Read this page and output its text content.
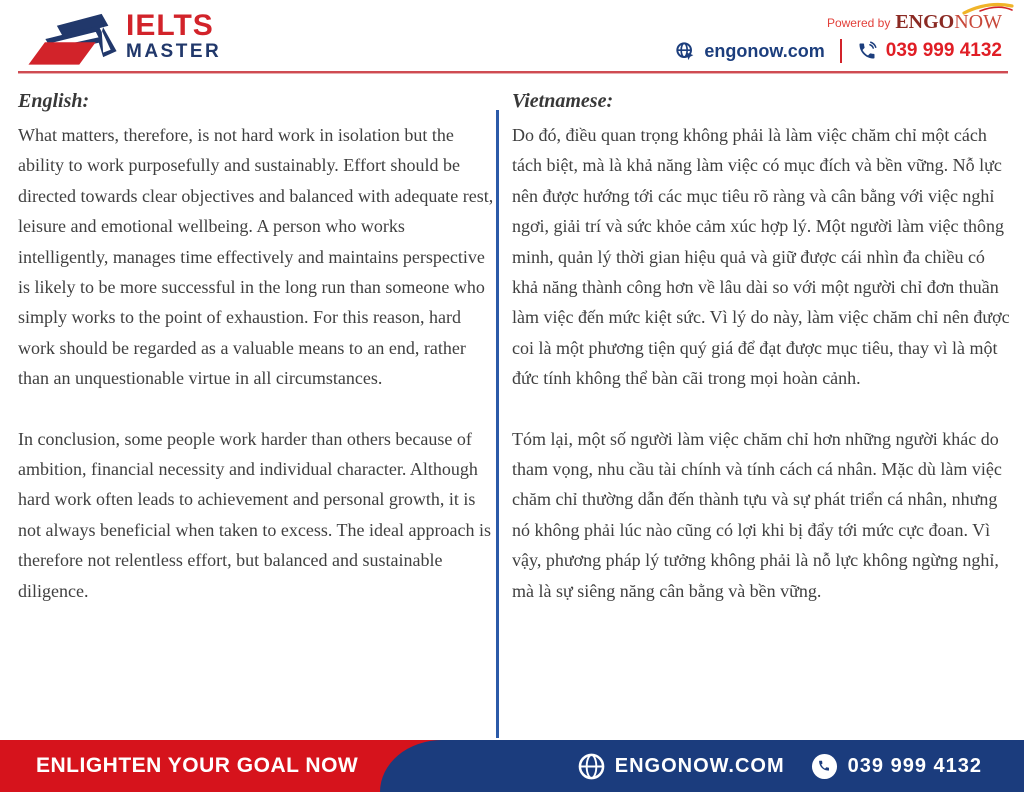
IELTS
MASTER
Powered by ENGONOW
engonow.com	039 999 4132
English:

What matters, therefore, is not hard work in isolation but the ability to work purposefully and sustainably. Effort should be directed towards clear objectives and balanced with adequate rest, leisure and emotional wellbeing. A person who works intelligently, manages time effectively and maintains perspective is likely to be more successful in the long run than someone who simply works to the point of exhaustion. For this reason, hard work should be regarded as a valuable means to an end, rather than an unquestionable virtue in all circumstances.

In conclusion, some people work harder than others because of ambition, financial necessity and individual character. Although hard work often leads to achievement and personal growth, it is not always beneficial when taken to excess. The ideal approach is therefore not relentless effort, but balanced and sustainable diligence.

Vietnamese:

Do đó, điều quan trọng không phải là làm việc chăm chỉ một cách tách biệt, mà là khả năng làm việc có mục đích và bền vững. Nỗ lực nên được hướng tới các mục tiêu rõ ràng và cân bằng với việc nghỉ ngơi, giải trí và sức khỏe cảm xúc hợp lý. Một người làm việc thông minh, quản lý thời gian hiệu quả và giữ được cái nhìn đa chiều có khả năng thành công hơn về lâu dài so với một người chỉ đơn thuần làm việc đến mức kiệt sức. Vì lý do này, làm việc chăm chỉ nên được coi là một phương tiện quý giá để đạt được mục tiêu, thay vì là một đức tính không thể bàn cãi trong mọi hoàn cảnh.

Tóm lại, một số người làm việc chăm chỉ hơn những người khác do tham vọng, nhu cầu tài chính và tính cách cá nhân. Mặc dù làm việc chăm chỉ thường dẫn đến thành tựu và sự phát triển cá nhân, nhưng nó không phải lúc nào cũng có lợi khi bị đẩy tới mức cực đoan. Vì vậy, phương pháp lý tưởng không phải là nỗ lực không ngừng nghỉ, mà là sự siêng năng cân bằng và bền vững.

ENLIGHTEN YOUR GOAL NOW	ENGONOW.COM	039 999 4132
